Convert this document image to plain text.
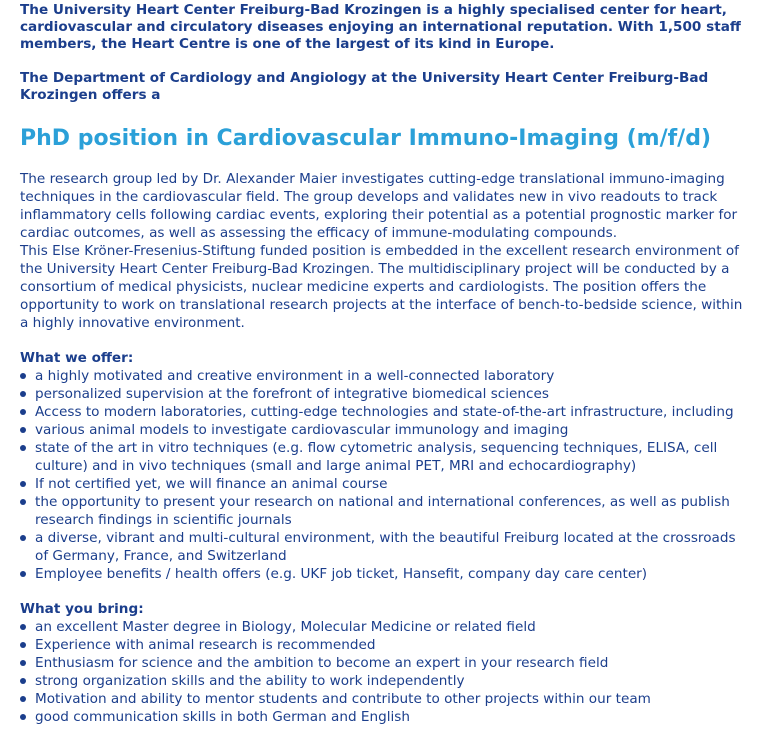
The University Heart Center Freiburg-Bad Krozingen is a highly specialised center for heart, cardiovascular and circulatory diseases enjoying an international reputation. With 1,500 staff members, the Heart Centre is one of the largest of its kind in Europe.

The Department of Cardiology and Angiology at the University Heart Center Freiburg-Bad Krozingen offers a

PhD position in Cardiovascular Immuno-Imaging (m/f/d)

The research group led by Dr. Alexander Maier investigates cutting-edge translational immuno-imaging techniques in the cardiovascular field. The group develops and validates new in vivo readouts to track inflammatory cells following cardiac events, exploring their potential as a potential prognostic marker for cardiac outcomes, as well as assessing the efficacy of immune-modulating compounds.

This Else Kröner-Fresenius-Stiftung funded position is embedded in the excellent research environment of the University Heart Center Freiburg-Bad Krozingen. The multidisciplinary project will be conducted by a consortium of medical physicists, nuclear medicine experts and cardiologists. The position offers the opportunity to work on translational research projects at the interface of bench-to-bedside science, within a highly innovative environment.

What we offer:
a highly motivated and creative environment in a well-connected laboratory
personalized supervision at the forefront of integrative biomedical sciences
Access to modern laboratories, cutting-edge technologies and state-of-the-art infrastructure, including
various animal models to investigate cardiovascular immunology and imaging
state of the art in vitro techniques (e.g. flow cytometric analysis, sequencing techniques, ELISA, cell culture) and in vivo techniques (small and large animal PET, MRI and echocardiography)
If not certified yet, we will finance an animal course
the opportunity to present your research on national and international conferences, as well as publish research findings in scientific journals
a diverse, vibrant and multi-cultural environment, with the beautiful Freiburg located at the crossroads of Germany, France, and Switzerland
Employee benefits / health offers (e.g. UKF job ticket, Hansefit, company day care center)
What you bring:
an excellent Master degree in Biology, Molecular Medicine or related field
Experience with animal research is recommended
Enthusiasm for science and the ambition to become an expert in your research field
strong organization skills and the ability to work independently
Motivation and ability to mentor students and contribute to other projects within our team
good communication skills in both German and English
